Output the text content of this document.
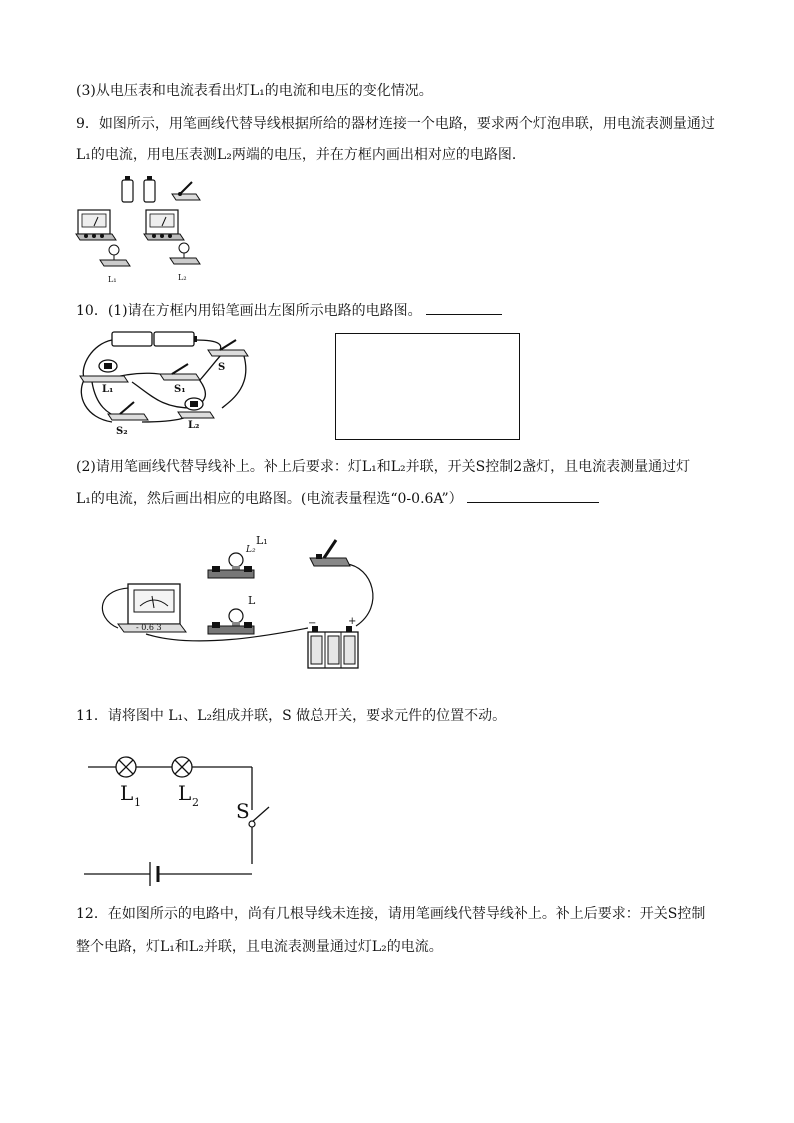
(3)从电压表和电流表看出灯L₁的电流和电压的变化情况。
9．如图所示，用笔画线代替导线根据所给的器材连接一个电路，要求两个灯泡串联，用电流表测量通过
L₁的电流，用电压表测L₂两端的电压，并在方框内画出相对应的电路图．
L₁	L₂
10．(1)请在方框内用铅笔画出左图所示电路的电路图。
L₁	S₁
S
S₂
L₂
(2)请用笔画线代替导线补上。补上后要求：灯L₁和L₂并联，开关S控制2盏灯，且电流表测量通过灯
L₁的电流，然后画出相应的电路图。(电流表量程选“0-0.6A”）
- 0.6 3
L₂
L₁
L
−	+
11．请将图中 L₁、L₂组成并联，S 做总开关，要求元件的位置不动。
L 1 L 2 S
12．在如图所示的电路中，尚有几根导线未连接，请用笔画线代替导线补上。补上后要求：开关S控制
整个电路，灯L₁和L₂并联，且电流表测量通过灯L₂的电流。
